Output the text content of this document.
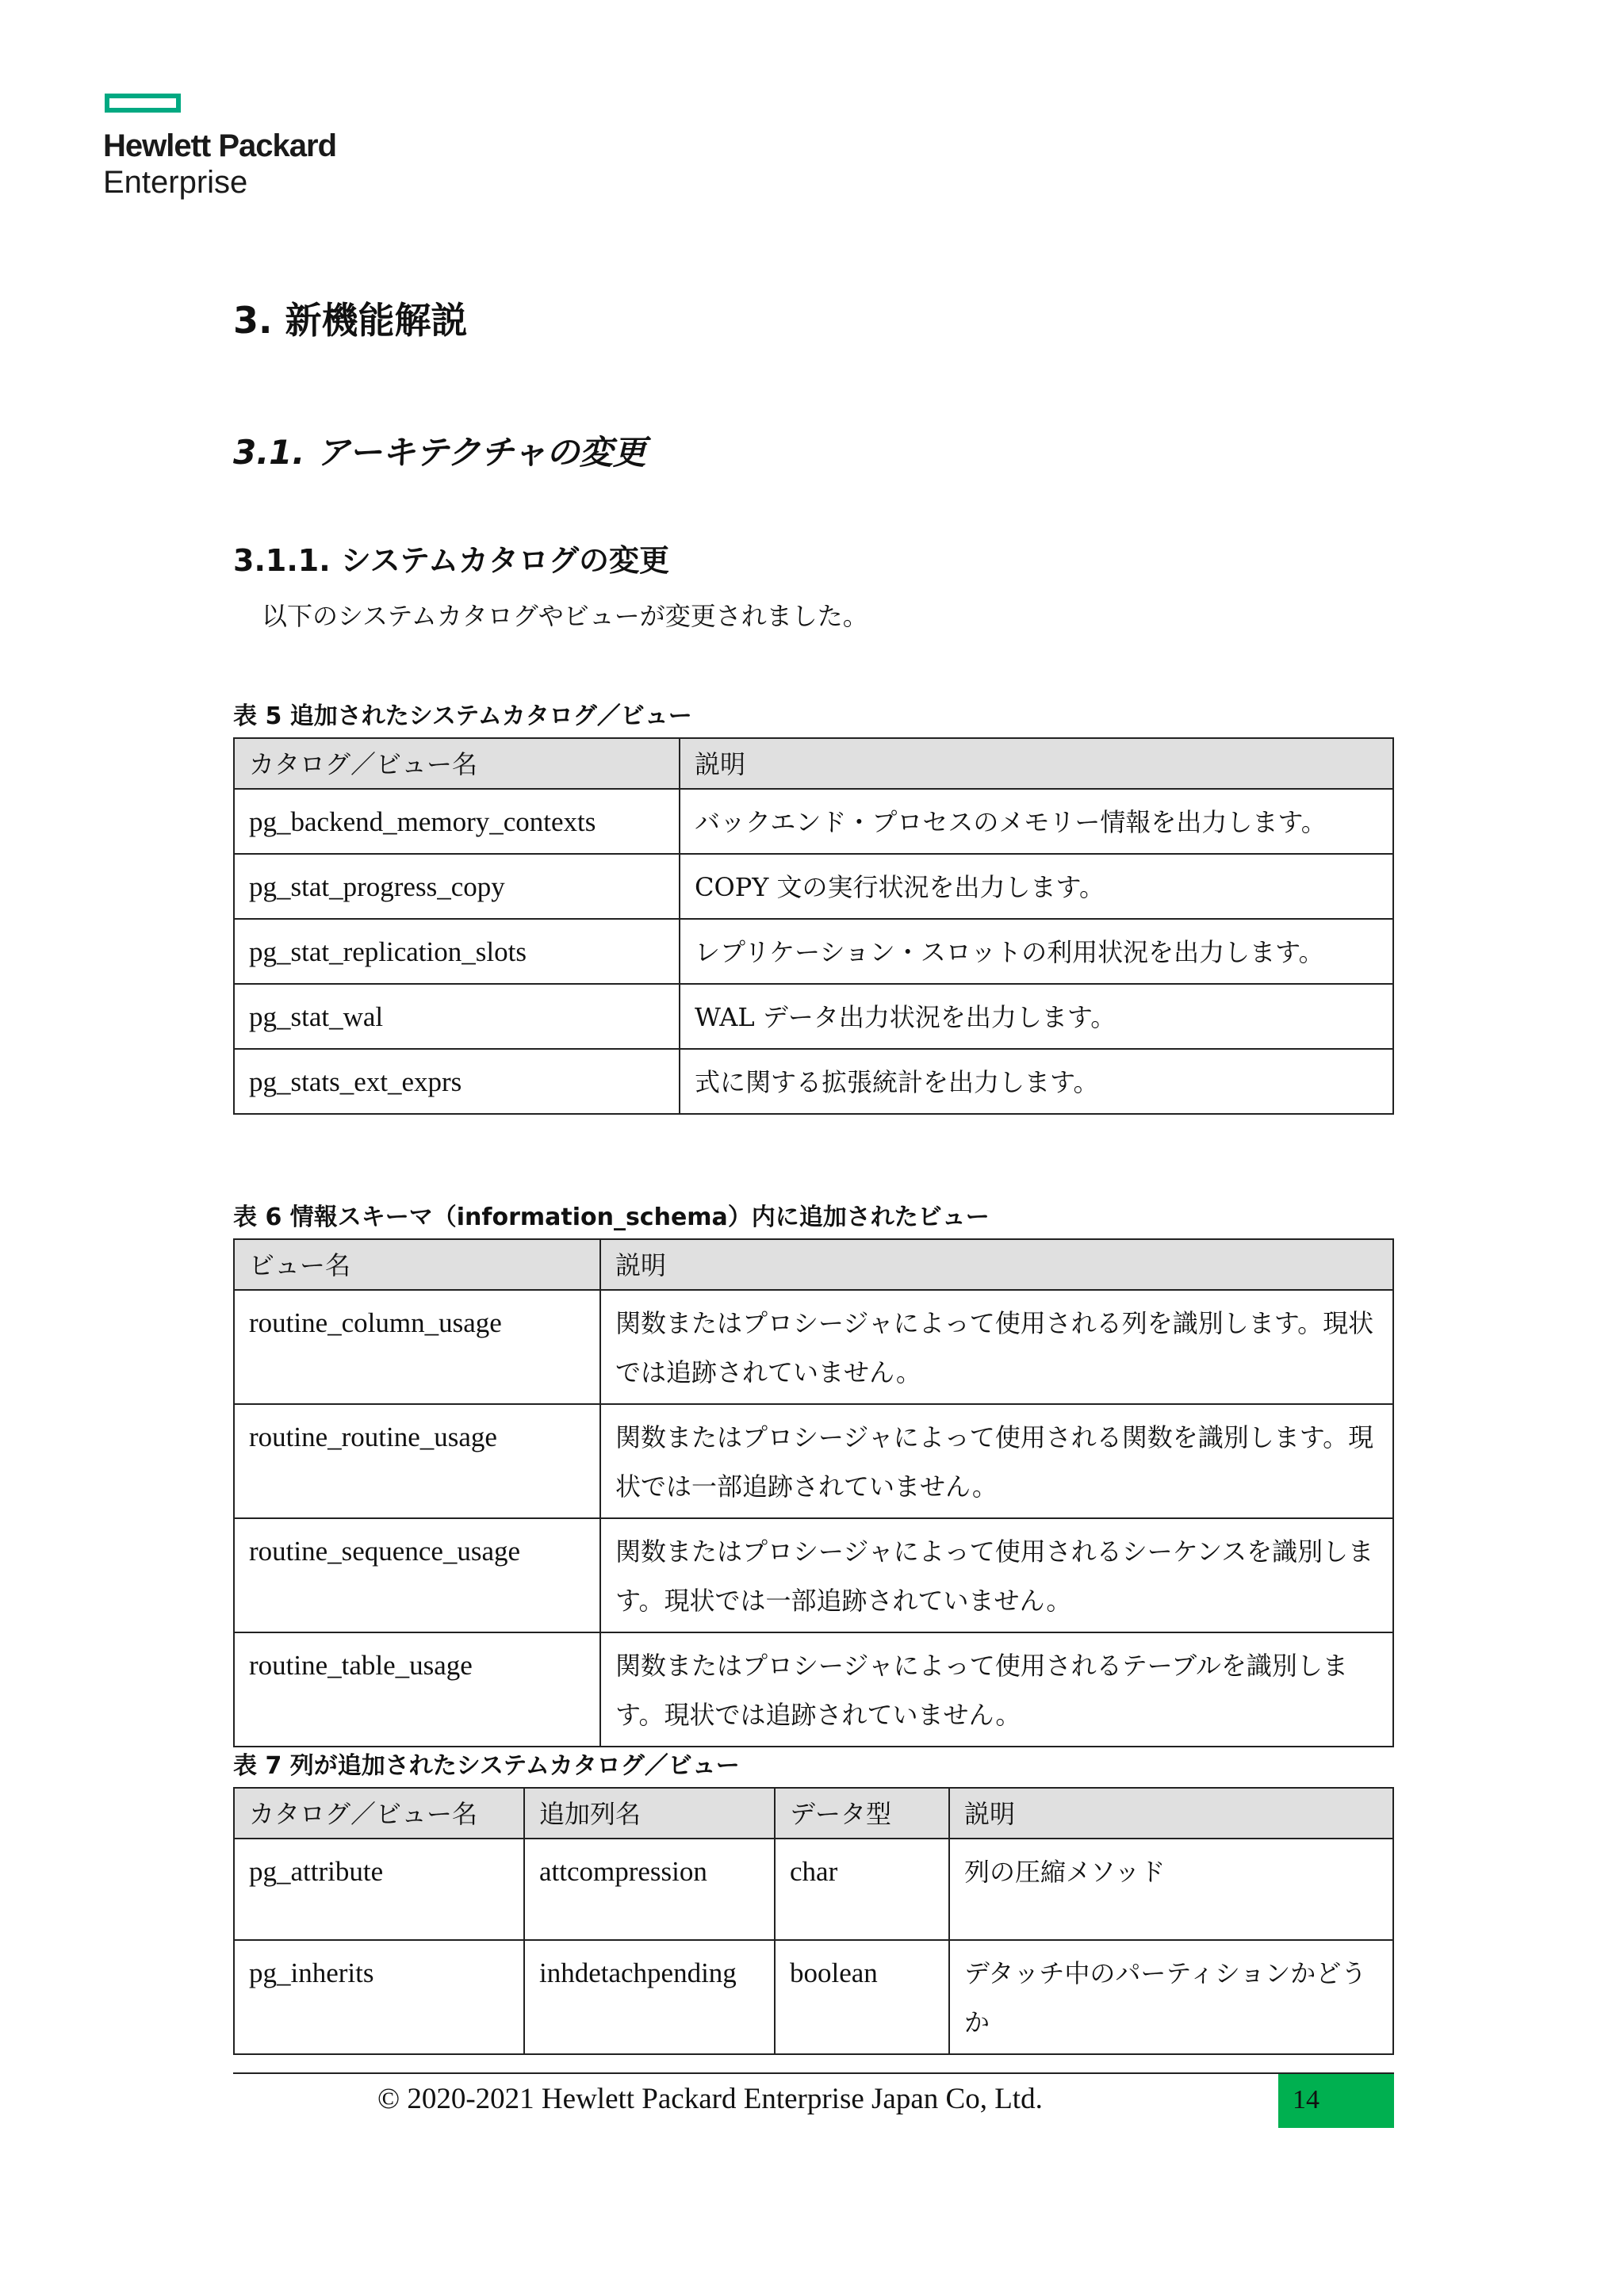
Hewlett Packard
Enterprise
3. 新機能解説
3.1. アーキテクチャの変更
3.1.1. システムカタログの変更
以下のシステムカタログやビューが変更されました。
表 5 追加されたシステムカタログ／ビュー
カタログ／ビュー名	説明
pg_backend_memory_contexts	バックエンド・プロセスのメモリー情報を出力します。
pg_stat_progress_copy	COPY 文の実行状況を出力します。
pg_stat_replication_slots	レプリケーション・スロットの利用状況を出力します。
pg_stat_wal	WAL データ出力状況を出力します。
pg_stats_ext_exprs	式に関する拡張統計を出力します。
表 6 情報スキーマ（information_schema）内に追加されたビュー
ビュー名	説明
routine_column_usage	関数またはプロシージャによって使用される列を識別します。現状では追跡されていません。
routine_routine_usage	関数またはプロシージャによって使用される関数を識別します。現状では一部追跡されていません。
routine_sequence_usage	関数またはプロシージャによって使用されるシーケンスを識別します。現状では一部追跡されていません。
routine_table_usage	関数またはプロシージャによって使用されるテーブルを識別します。現状では追跡されていません。
表 7 列が追加されたシステムカタログ／ビュー
カタログ／ビュー名	追加列名	データ型	説明
pg_attribute	attcompression	char	列の圧縮メソッド
pg_inherits	inhdetachpending	boolean	デタッチ中のパーティションかどうか
© 2020-2021 Hewlett Packard Enterprise Japan Co, Ltd.	14
